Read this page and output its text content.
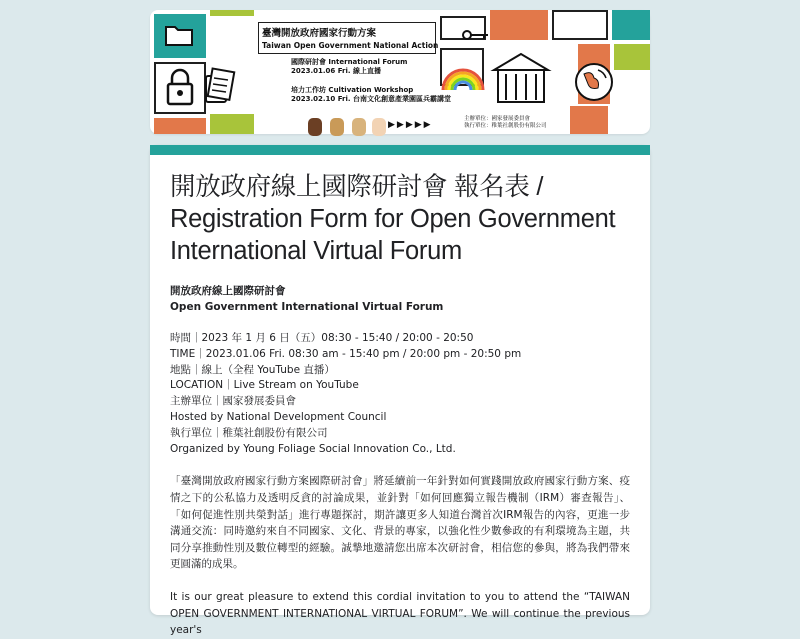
臺灣開放政府國家行動方案
Taiwan Open Government National Action
國際研討會 International Forum
2023.01.06 Fri. 線上直播
培力工作坊 Cultivation Workshop
2023.02.10 Fri. 台南文化創意產業園區兵霸講堂
▶▶▶▶▶
主辦單位：國家發展委員會
執行單位：稚葉社創股份有限公司
開放政府線上國際研討會 報名表 / Registration Form for Open Government International Virtual Forum

開放政府線上國際研討會

Open Government International Virtual Forum

時間｜2023 年 1 月 6 日（五）08:30 - 15:40 / 20:00 - 20:50

TIME｜2023.01.06 Fri. 08:30 am - 15:40 pm / 20:00 pm - 20:50 pm

地點｜線上（全程 YouTube 直播）

LOCATION｜Live Stream on YouTube

主辦單位｜國家發展委員會

Hosted by National Development Council

執行單位｜稚葉社創股份有限公司

Organized by Young Foliage Social Innovation Co., Ltd.

「臺灣開放政府國家行動方案國際研討會」將延續前一年針對如何實踐開放政府國家行動方案、疫情之下的公私協力及透明反貪的討論成果，並針對「如何回應獨立報告機制（IRM）審查報告」、「如何促進性別共榮對話」進行專題探討，期許讓更多人知道台灣首次IRM報告的內容，更進一步溝通交流：同時邀約來自不同國家、文化、背景的專家，以強化性少數參政的有利環境為主題，共同分享推動性別及數位轉型的經驗。誠摯地邀請您出席本次研討會，相信您的參與，將為我們帶來更圓滿的成果。

It is our great pleasure to extend this cordial invitation to you to attend the “TAIWAN OPEN GOVERNMENT INTERNATIONAL VIRTUAL FORUM”. We will continue the previous year's
